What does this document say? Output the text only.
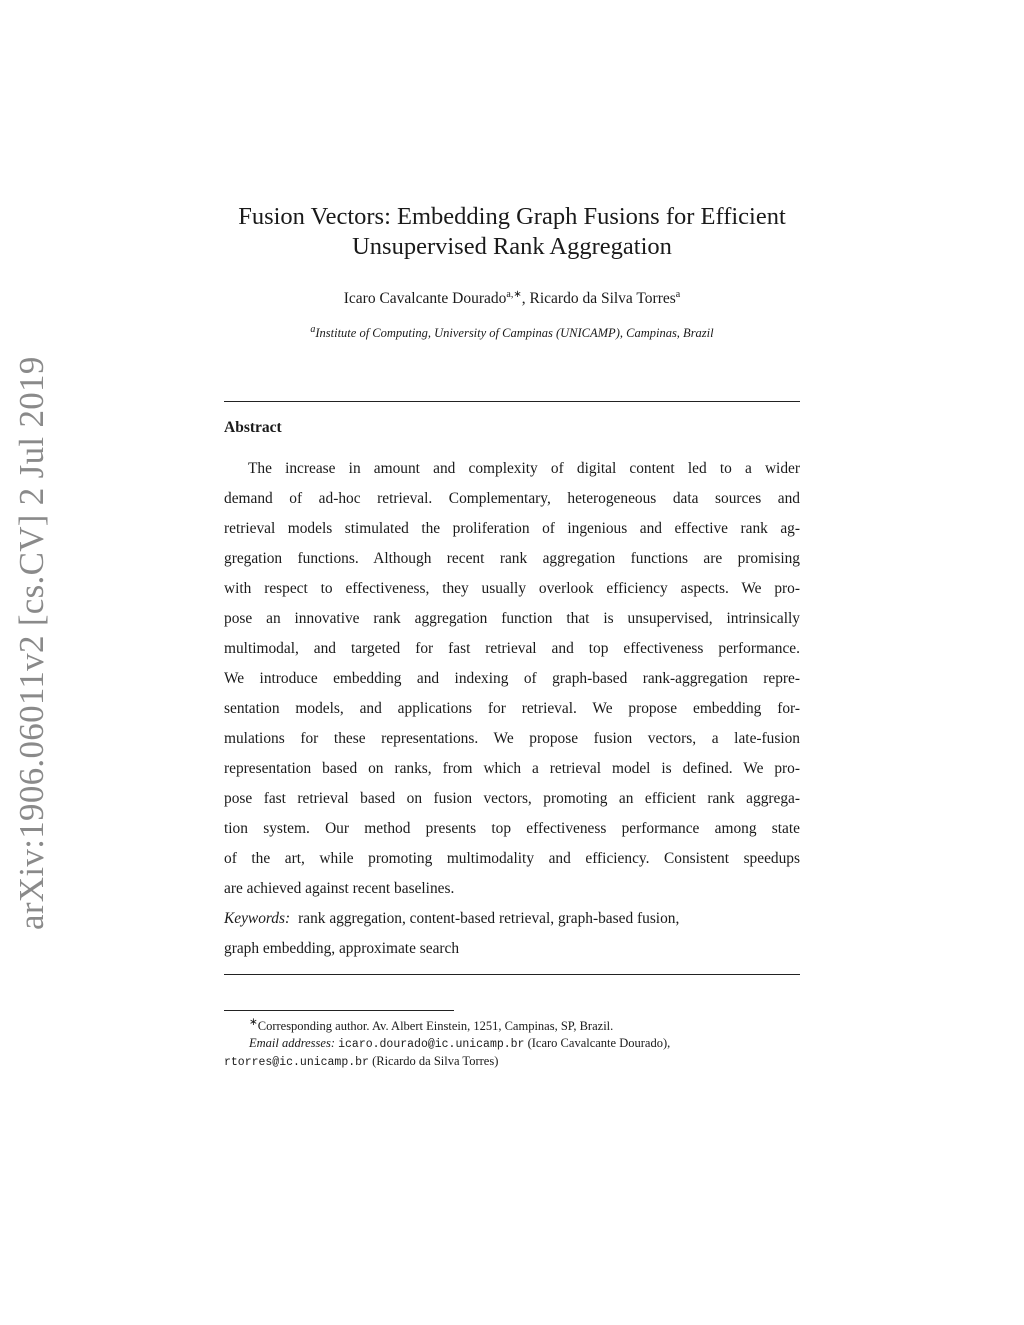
arXiv:1906.06011v2 [cs.CV] 2 Jul 2019
Fusion Vectors: Embedding Graph Fusions for Efficient
Unsupervised Rank Aggregation
Icaro Cavalcante Dourado$^{a,∗}$, Ricardo da Silva Torres$^a$
$^a$Institute of Computing, University of Campinas (UNICAMP), Campinas, Brazil
Abstract
The increase in amount and complexity of digital content led to a wider
demand of ad-hoc retrieval. Complementary, heterogeneous data sources and
retrieval models stimulated the proliferation of ingenious and effective rank ag-
gregation functions. Although recent rank aggregation functions are promising
with respect to effectiveness, they usually overlook efficiency aspects. We pro-
pose an innovative rank aggregation function that is unsupervised, intrinsically
multimodal, and targeted for fast retrieval and top effectiveness performance.
We introduce embedding and indexing of graph-based rank-aggregation repre-
sentation models, and applications for retrieval. We propose embedding for-
mulations for these representations. We propose fusion vectors, a late-fusion
representation based on ranks, from which a retrieval model is defined. We pro-
pose fast retrieval based on fusion vectors, promoting an efficient rank aggrega-
tion system. Our method presents top effectiveness performance among state
of the art, while promoting multimodality and efficiency. Consistent speedups
are achieved against recent baselines.
Keywords: rank aggregation, content-based retrieval, graph-based fusion,
graph embedding, approximate search
∗Corresponding author. Av. Albert Einstein, 1251, Campinas, SP, Brazil.
Email addresses: icaro.dourado@ic.unicamp.br (Icaro Cavalcante Dourado),
rtorres@ic.unicamp.br (Ricardo da Silva Torres)
